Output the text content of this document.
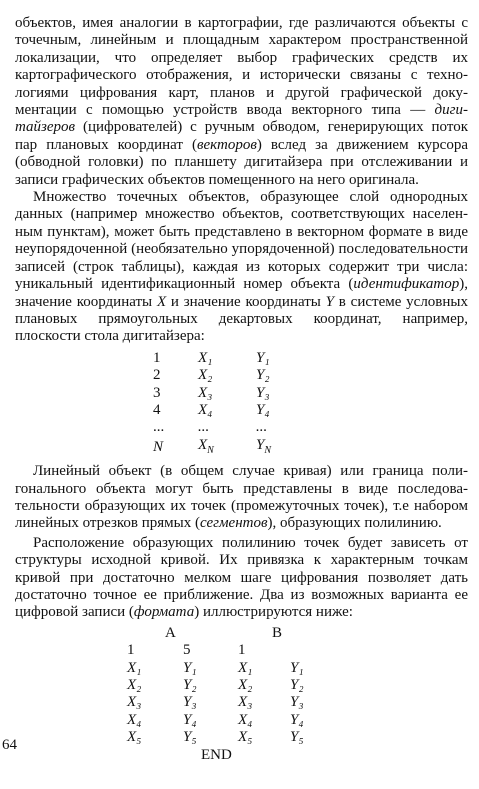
объектов, имея аналогии в картографии, где различаются объекты с точечным, линейным и площадным характером пространственной локализации, что определяет выбор графических средств их картографического отображения, и исторически связаны с технологиями цифрования карт, планов и другой графической документации с помощью устройств ввода векторного типа — дигитайзеров (цифрователей) с ручным обводом, генерирующих поток пар плановых координат (векторов) вслед за движением курсора (обводной головки) по планшету дигитайзера при отслеживании и записи графических объектов помещенного на него оригинала.

Множество точечных объектов, образующее слой однородных данных (например множество объектов, соответствующих населенным пунктам), может быть представлено в векторном формате в виде неупорядоченной (необязательно упорядоченной) последовательности записей (строк таблицы), каждая из которых содержит три числа: уникальный идентификационный номер объекта (идентификатор), значение координаты X и значение координаты Y в системе условных плановых прямоугольных декартовых координат, например, плоскости стола дигитайзера:

1	X₁	Y₁
2	X₂	Y₂
3	X₃	Y₃
4	X₄	Y₄
...	...	...
N	$X_N$	$Y_N$

Линейный объект (в общем случае кривая) или граница полигонального объекта могут быть представлены в виде последовательности образующих их точек (промежуточных точек), т.е набором линейных отрезков прямых (сегментов), образующих полилинию.

Расположение образующих полилинию точек будет зависеть от структуры исходной кривой. Их привязка к характерным точкам кривой при достаточно мелком шаге цифрования позволяет дать достаточно точное ее приближение. Два из возможных варианта ее цифровой записи (формата) иллюстрируются ниже:

	A		B
1	5	1	
X₁	Y₁	X₁	Y₁
X₂	Y₂	X₂	Y₂
X₃	Y₃	X₃	Y₃
X₄	Y₄	X₄	Y₄
X₅	Y₅	X₅	Y₅
	END	
64
